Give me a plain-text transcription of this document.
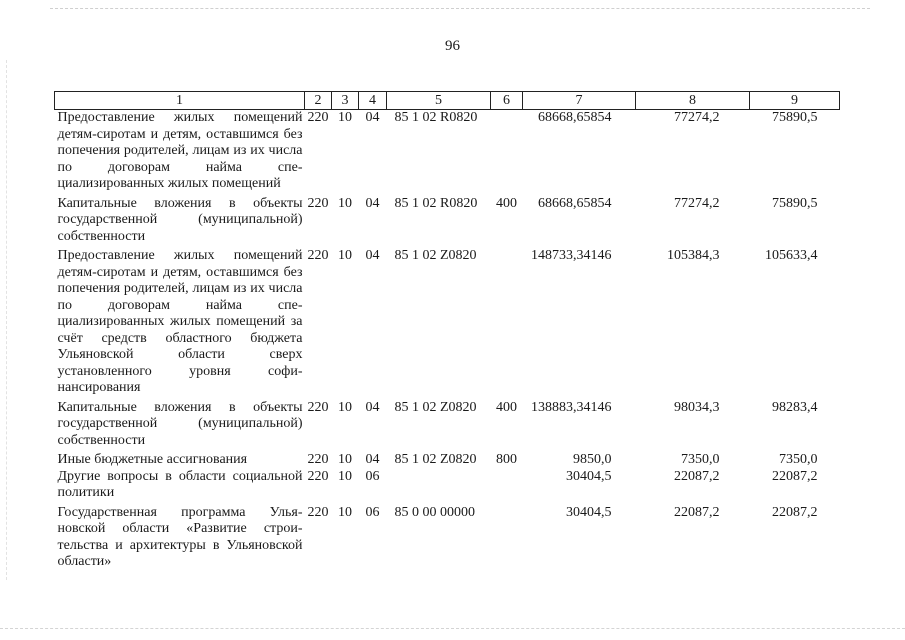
96
1	2	3	4	5	6	7	8	9
Предоставление жилых помещений детям-сиротам и детям, оставшимся без попечения родителей, лицам из их числа по договорам найма специализированных жилых помещений	220	10	04	85 1 02 R0820		68668,65854	77274,2	75890,5
Капитальные вложения в объекты государственной (муниципальной) собственности	220	10	04	85 1 02 R0820	400	68668,65854	77274,2	75890,5
Предоставление жилых помещений детям-сиротам и детям, оставшимся без попечения родителей, лицам из их числа по договорам найма специализированных жилых помещений за счёт средств областного бюджета Ульяновской области сверх установленного уровня софинансирования	220	10	04	85 1 02 Z0820		148733,34146	105384,3	105633,4
Капитальные вложения в объекты государственной (муниципальной) собственности	220	10	04	85 1 02 Z0820	400	138883,34146	98034,3	98283,4
Иные бюджетные ассигнования	220	10	04	85 1 02 Z0820	800	9850,0	7350,0	7350,0
Другие вопросы в области социальной политики	220	10	06			30404,5	22087,2	22087,2
Государственная программа Ульяновской области «Развитие строительства и архитектуры в Ульяновской области»	220	10	06	85 0 00 00000		30404,5	22087,2	22087,2
